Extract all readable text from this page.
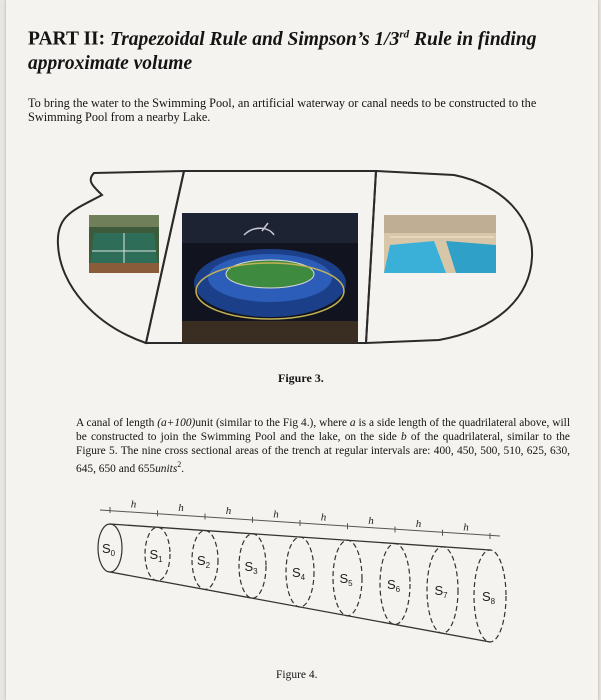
PART II: Trapezoidal Rule and Simpson’s 1/3rd Rule in finding
approximate volume
To bring the water to the Swimming Pool, an artificial waterway or canal needs to be constructed to the Swimming Pool from a nearby Lake.
Figure 3.
A canal of length (a+100)unit (similar to the Fig 4.), where a is a side length of the quadrilateral above, will be constructed to join the Swimming Pool and the lake, on the side b of the quadrilateral, similar to the Figure 5. The nine cross sectional areas of the trench at regular intervals are: 400, 450, 500, 510, 625, 630, 645, 650 and 655units$^2$.
$S_0$
h
$S_1$
h
$S_2$
h
$S_3$
h
$S_4$
h
$S_5$
h
$S_6$
h
$S_7$
h
$S_8$
Figure 4.
